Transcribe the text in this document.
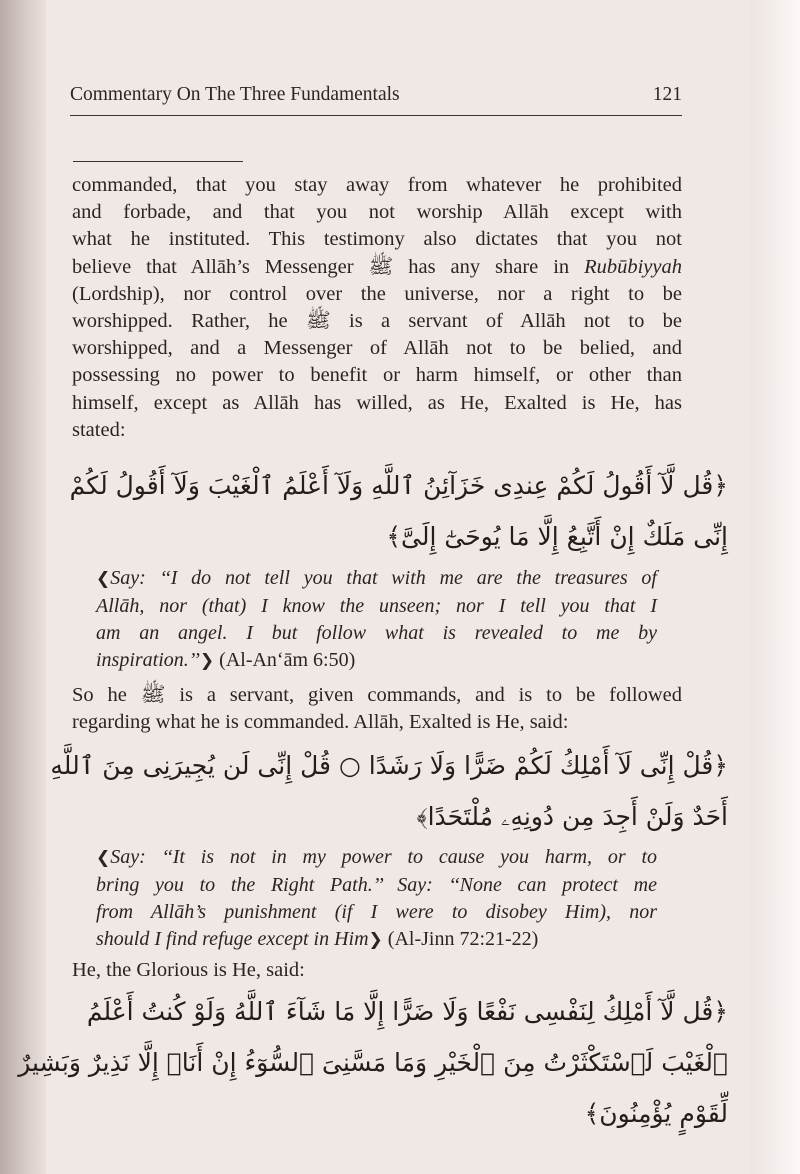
Commentary On The Three Fundamentals	121
commanded, that you stay away from whatever he prohibited
and forbade, and that you not worship Allāh except with
what he instituted. This testimony also dictates that you not
believe that Allāh’s Messenger ﷺ has any share in Rubūbiyyah
(Lordship), nor control over the universe, nor a right to be
worshipped. Rather, he ﷺ is a servant of Allāh not to be
worshipped, and a Messenger of Allāh not to be belied, and
possessing no power to benefit or harm himself, or other than
himself, except as Allāh has willed, as He, Exalted is He, has
stated:
﴿قُل لَّآ أَقُولُ لَكُمْ عِندِى خَزَآئِنُ ٱللَّهِ وَلَآ أَعْلَمُ ٱلْغَيْبَ وَلَآ أَقُولُ لَكُمْ
إِنِّى مَلَكٌ إِنْ أَتَّبِعُ إِلَّا مَا يُوحَىٰٓ إِلَىَّ﴾
❮Say: ‘‘I do not tell you that with me are the treasures of
Allāh, nor (that) I know the unseen; nor I tell you that I
am an angel. I but follow what is revealed to me by
inspiration.’’❯ (Al-An‘ām 6:50)
So he ﷺ is a servant, given commands, and is to be followed
regarding what he is commanded. Allāh, Exalted is He, said:
﴿قُلْ إِنِّى لَآ أَمْلِكُ لَكُمْ ضَرًّا وَلَا رَشَدًا ○ قُلْ إِنِّى لَن يُجِيرَنِى مِنَ ٱللَّهِ
أَحَدٌ وَلَنْ أَجِدَ مِن دُونِهِۦ مُلْتَحَدًا﴾
❮Say: ‘‘It is not in my power to cause you harm, or to
bring you to the Right Path.’’ Say: ‘‘None can protect me
from Allāh’s punishment (if I were to disobey Him), nor
should I find refuge except in Him❯ (Al-Jinn 72:21-22)
He, the Glorious is He, said:
﴿قُل لَّآ أَمْلِكُ لِنَفْسِى نَفْعًا وَلَا ضَرًّا إِلَّا مَا شَآءَ ٱللَّهُ وَلَوْ كُنتُ أَعْلَمُ
ٱلْغَيْبَ لَٱسْتَكْثَرْتُ مِنَ ٱلْخَيْرِ وَمَا مَسَّنِىَ ٱلسُّوٓءُ إِنْ أَنَا۠ إِلَّا نَذِيرٌ وَبَشِيرٌ
لِّقَوْمٍ يُؤْمِنُونَ﴾
